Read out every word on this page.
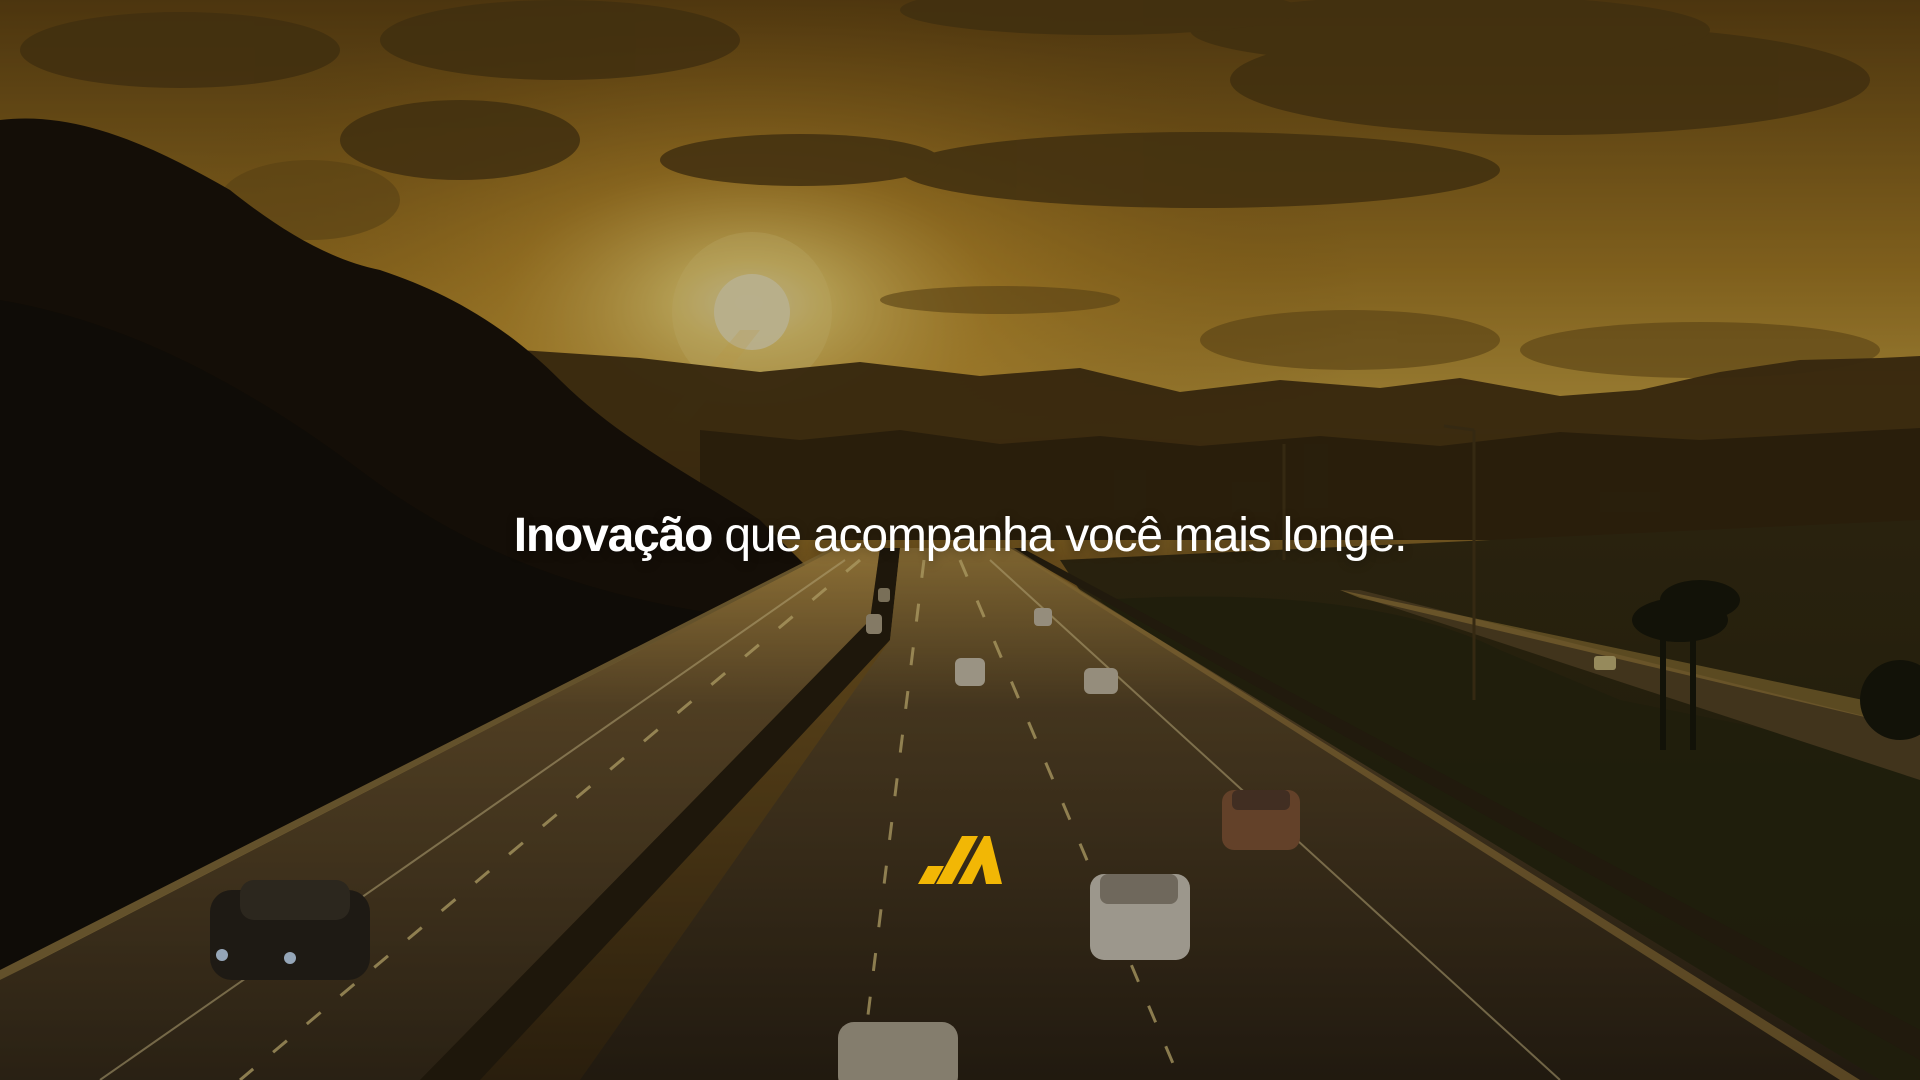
Inovação que acompanha você mais longe.
